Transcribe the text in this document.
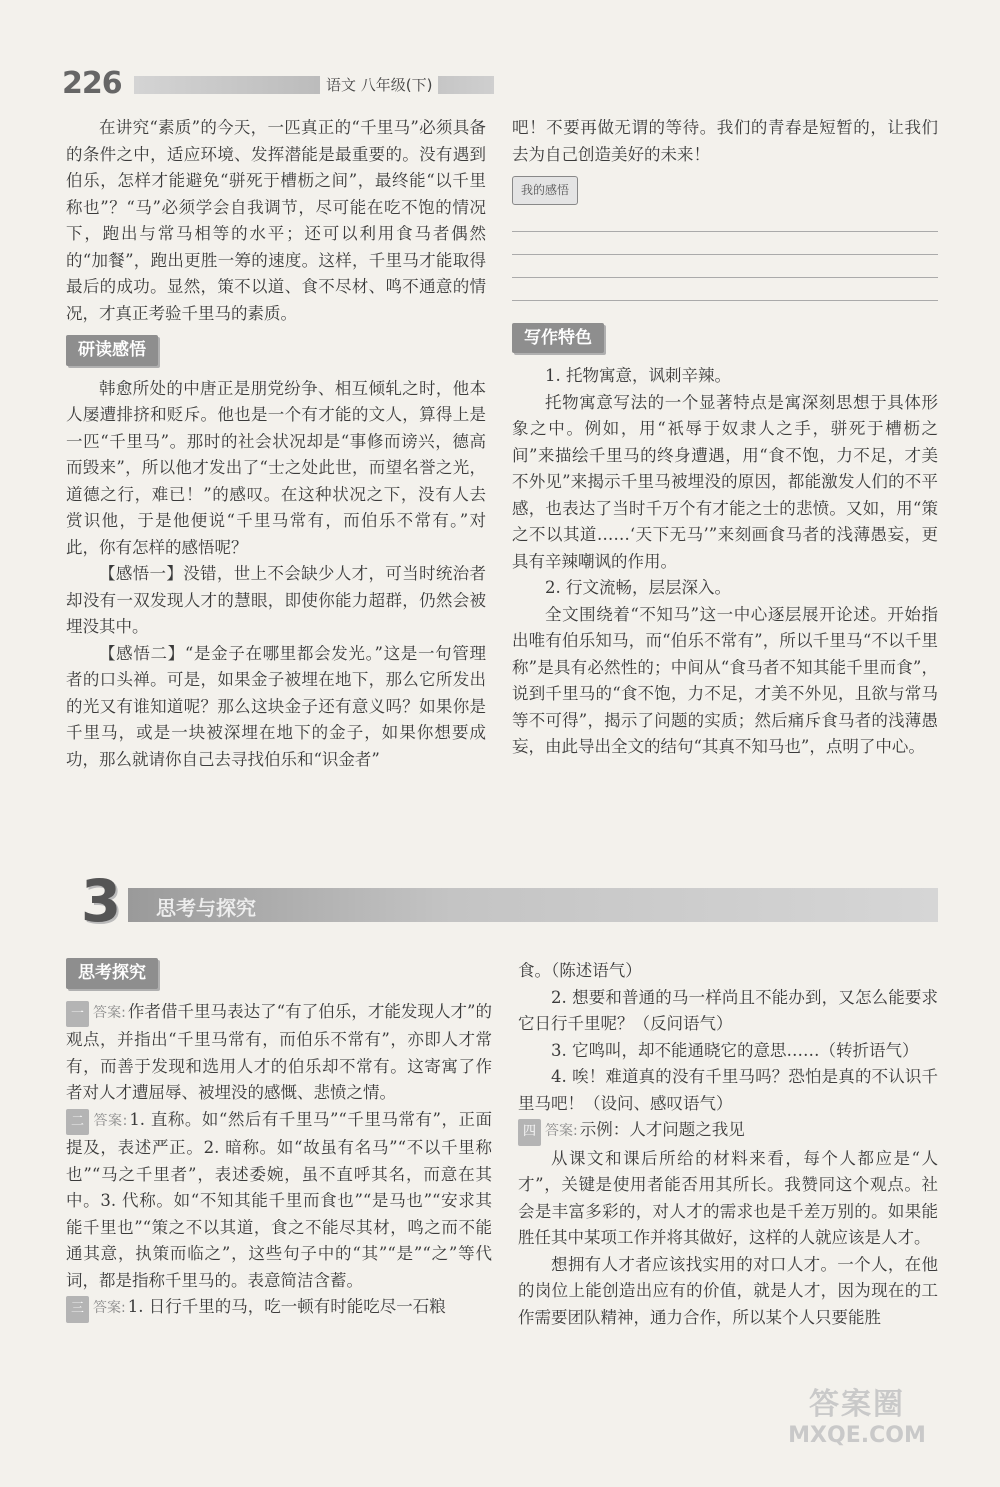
226	语文 八年级(下)

在讲究“素质”的今天，一匹真正的“千里马”必须具备的条件之中，适应环境、发挥潜能是最重要的。没有遇到伯乐，怎样才能避免“骈死于槽枥之间”，最终能“以千里称也”？“马”必须学会自我调节，尽可能在吃不饱的情况下，跑出与常马相等的水平；还可以利用食马者偶然的“加餐”，跑出更胜一筹的速度。这样，千里马才能取得最后的成功。显然，策不以道、食不尽材、鸣不通意的情况，才真正考验千里马的素质。

研读感悟

韩愈所处的中唐正是朋党纷争、相互倾轧之时，他本人屡遭排挤和贬斥。他也是一个有才能的文人，算得上是一匹“千里马”。那时的社会状况却是“事修而谤兴，德高而毁来”，所以他才发出了“士之处此世，而望名誉之光，道德之行，难已！”的感叹。在这种状况之下，没有人去赏识他，于是他便说“千里马常有，而伯乐不常有。”对此，你有怎样的感悟呢？

【感悟一】没错，世上不会缺少人才，可当时统治者却没有一双发现人才的慧眼，即使你能力超群，仍然会被埋没其中。

【感悟二】“是金子在哪里都会发光。”这是一句管理者的口头禅。可是，如果金子被埋在地下，那么它所发出的光又有谁知道呢？那么这块金子还有意义吗？如果你是千里马，或是一块被深埋在地下的金子，如果你想要成功，那么就请你自己去寻找伯乐和“识金者”

吧！不要再做无谓的等待。我们的青春是短暂的，让我们去为自己创造美好的未来！

我的感悟
写作特色

1. 托物寓意，讽刺辛辣。

托物寓意写法的一个显著特点是寓深刻思想于具体形象之中。例如，用“祇辱于奴隶人之手，骈死于槽枥之间”来描绘千里马的终身遭遇，用“食不饱，力不足，才美不外见”来揭示千里马被埋没的原因，都能激发人们的不平感，也表达了当时千万个有才能之士的悲愤。又如，用“策之不以其道……‘天下无马’”来刻画食马者的浅薄愚妄，更具有辛辣嘲讽的作用。

2. 行文流畅，层层深入。

全文围绕着“不知马”这一中心逐层展开论述。开始指出唯有伯乐知马，而“伯乐不常有”，所以千里马“不以千里称”是具有必然性的；中间从“食马者不知其能千里而食”，说到千里马的“食不饱，力不足，才美不外见，且欲与常马等不可得”，揭示了问题的实质；然后痛斥食马者的浅薄愚妄，由此导出全文的结句“其真不知马也”，点明了中心。

3	思考与探究
思考探究

一 答案: 作者借千里马表达了“有了伯乐，才能发现人才”的观点，并指出“千里马常有，而伯乐不常有”，亦即人才常有，而善于发现和选用人才的伯乐却不常有。这寄寓了作者对人才遭屈辱、被埋没的感慨、悲愤之情。

二 答案: 1. 直称。如“然后有千里马”“千里马常有”，正面提及，表述严正。2. 暗称。如“故虽有名马”“不以千里称也”“马之千里者”，表述委婉，虽不直呼其名，而意在其中。3. 代称。如“不知其能千里而食也”“是马也”“安求其能千里也”“策之不以其道，食之不能尽其材，鸣之而不能通其意，执策而临之”，这些句子中的“其”“是”“之”等代词，都是指称千里马的。表意简洁含蓄。

三 答案: 1. 日行千里的马，吃一顿有时能吃尽一石粮

食。（陈述语气）

2. 想要和普通的马一样尚且不能办到，又怎么能要求它日行千里呢？（反问语气）

3. 它鸣叫，却不能通晓它的意思……（转折语气）

4. 唉！难道真的没有千里马吗？恐怕是真的不认识千里马吧！（设问、感叹语气）

四 答案: 示例：人才问题之我见

从课文和课后所给的材料来看，每个人都应是“人才”，关键是使用者能否用其所长。我赞同这个观点。社会是丰富多彩的，对人才的需求也是千差万别的。如果能胜任其中某项工作并将其做好，这样的人就应该是人才。

想拥有人才者应该找实用的对口人才。一个人，在他的岗位上能创造出应有的价值，就是人才，因为现在的工作需要团队精神，通力合作，所以某个人只要能胜

答案圈
MXQE.COM
